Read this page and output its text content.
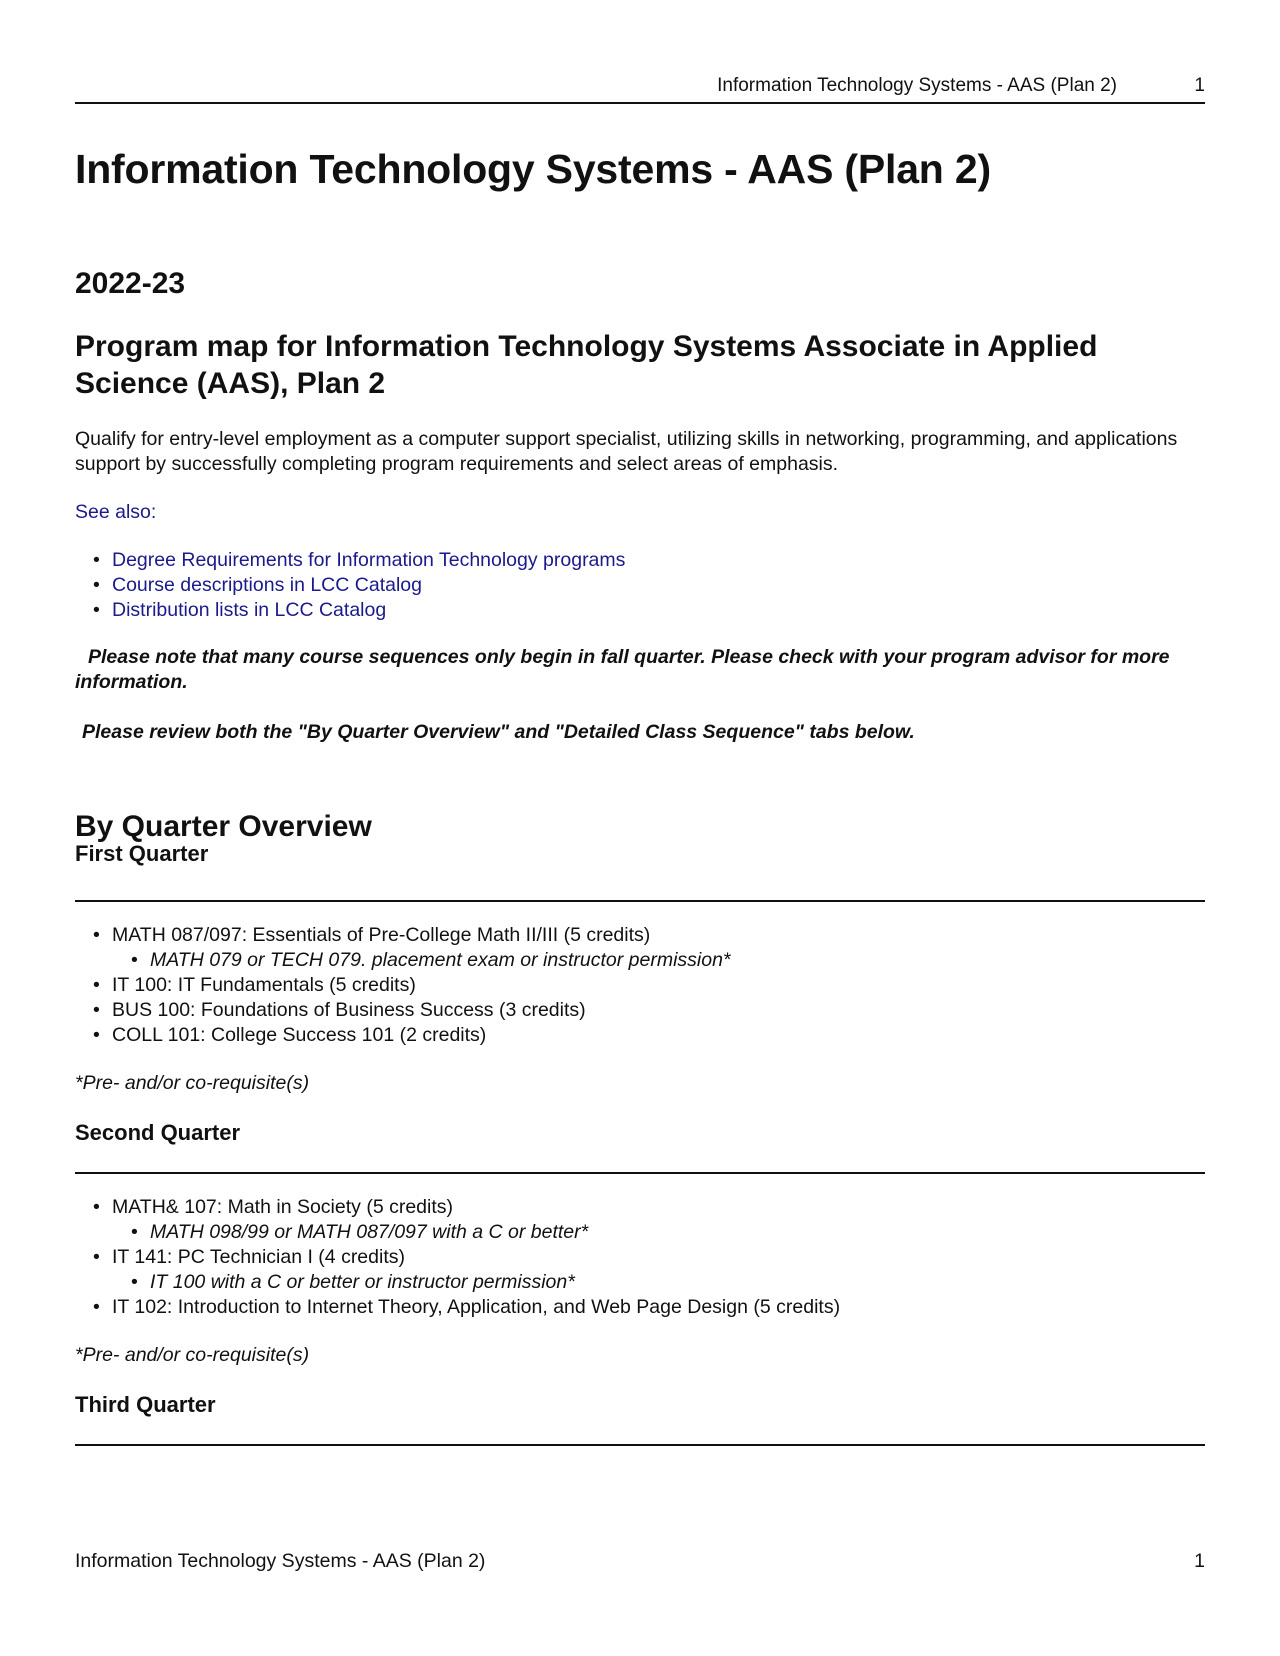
Information Technology Systems - AAS (Plan 2)	1
Information Technology Systems - AAS (Plan 2)
2022-23
Program map for Information Technology Systems Associate in Applied Science (AAS), Plan 2

Qualify for entry-level employment as a computer support specialist, utilizing skills in networking, programming, and applications support by successfully completing program requirements and select areas of emphasis.

See also:

• Degree Requirements for Information Technology programs
• Course descriptions in LCC Catalog
• Distribution lists in LCC Catalog

Please note that many course sequences only begin in fall quarter. Please check with your program advisor for more information.

Please review both the "By Quarter Overview" and "Detailed Class Sequence" tabs below.

By Quarter Overview
First Quarter
• MATH 087/097: Essentials of Pre-College Math II/III (5 credits)
• MATH 079 or TECH 079. placement exam or instructor permission*
• IT 100: IT Fundamentals (5 credits)
• BUS 100: Foundations of Business Success (3 credits)
• COLL 101: College Success 101 (2 credits)

*Pre- and/or co-requisite(s)

Second Quarter
• MATH& 107: Math in Society (5 credits)
• MATH 098/99 or MATH 087/097 with a C or better*
• IT 141: PC Technician I (4 credits)
• IT 100 with a C or better or instructor permission*
• IT 102: Introduction to Internet Theory, Application, and Web Page Design (5 credits)

*Pre- and/or co-requisite(s)

Third Quarter
Information Technology Systems - AAS (Plan 2)	1
